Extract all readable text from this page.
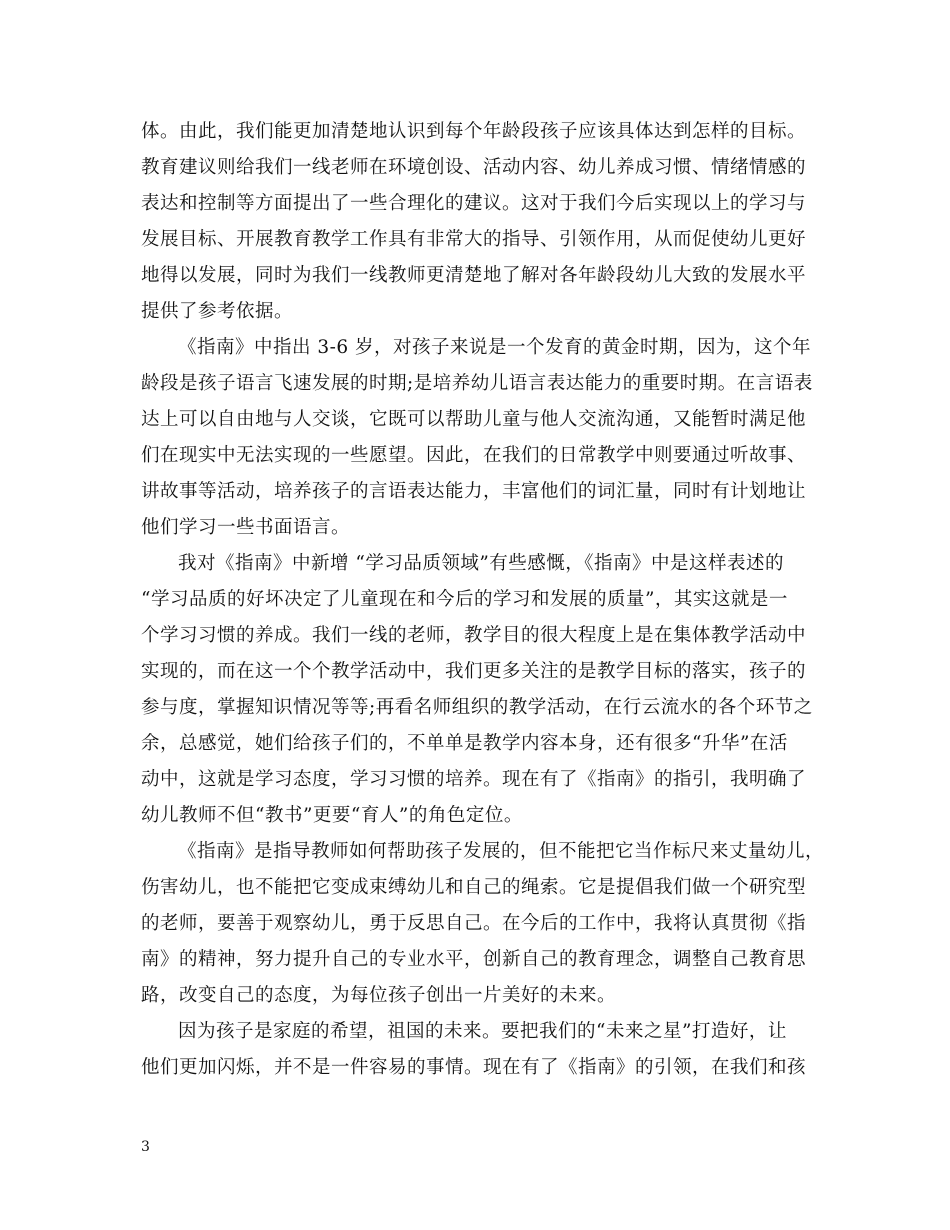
体。由此，我们能更加清楚地认识到每个年龄段孩子应该具体达到怎样的目标。
教育建议则给我们一线老师在环境创设、活动内容、幼儿养成习惯、情绪情感的
表达和控制等方面提出了一些合理化的建议。这对于我们今后实现以上的学习与
发展目标、开展教育教学工作具有非常大的指导、引领作用，从而促使幼儿更好
地得以发展，同时为我们一线教师更清楚地了解对各年龄段幼儿大致的发展水平
提供了参考依据。
《指南》中指出 3-6 岁，对孩子来说是一个发育的黄金时期，因为，这个年
龄段是孩子语言飞速发展的时期;是培养幼儿语言表达能力的重要时期。在言语表
达上可以自由地与人交谈，它既可以帮助儿童与他人交流沟通，又能暂时满足他
们在现实中无法实现的一些愿望。因此，在我们的日常教学中则要通过听故事、
讲故事等活动，培养孩子的言语表达能力，丰富他们的词汇量，同时有计划地让
他们学习一些书面语言。
我对《指南》中新增 “学习品质领域”有些感慨，《指南》中是这样表述的
“学习品质的好坏决定了儿童现在和今后的学习和发展的质量”，其实这就是一
个学习习惯的养成。我们一线的老师，教学目的很大程度上是在集体教学活动中
实现的，而在这一个个教学活动中，我们更多关注的是教学目标的落实，孩子的
参与度，掌握知识情况等等;再看名师组织的教学活动，在行云流水的各个环节之
余，总感觉，她们给孩子们的，不单单是教学内容本身，还有很多“升华”在活
动中，这就是学习态度，学习习惯的培养。现在有了《指南》的指引，我明确了
幼儿教师不但“教书”更要“育人”的角色定位。
《指南》是指导教师如何帮助孩子发展的，但不能把它当作标尺来丈量幼儿，
伤害幼儿，也不能把它变成束缚幼儿和自己的绳索。它是提倡我们做一个研究型
的老师，要善于观察幼儿，勇于反思自己。在今后的工作中，我将认真贯彻《指
南》的精神，努力提升自己的专业水平，创新自己的教育理念，调整自己教育思
路，改变自己的态度，为每位孩子创出一片美好的未来。
因为孩子是家庭的希望，祖国的未来。要把我们的“未来之星”打造好，让
他们更加闪烁，并不是一件容易的事情。现在有了《指南》的引领，在我们和孩
3
